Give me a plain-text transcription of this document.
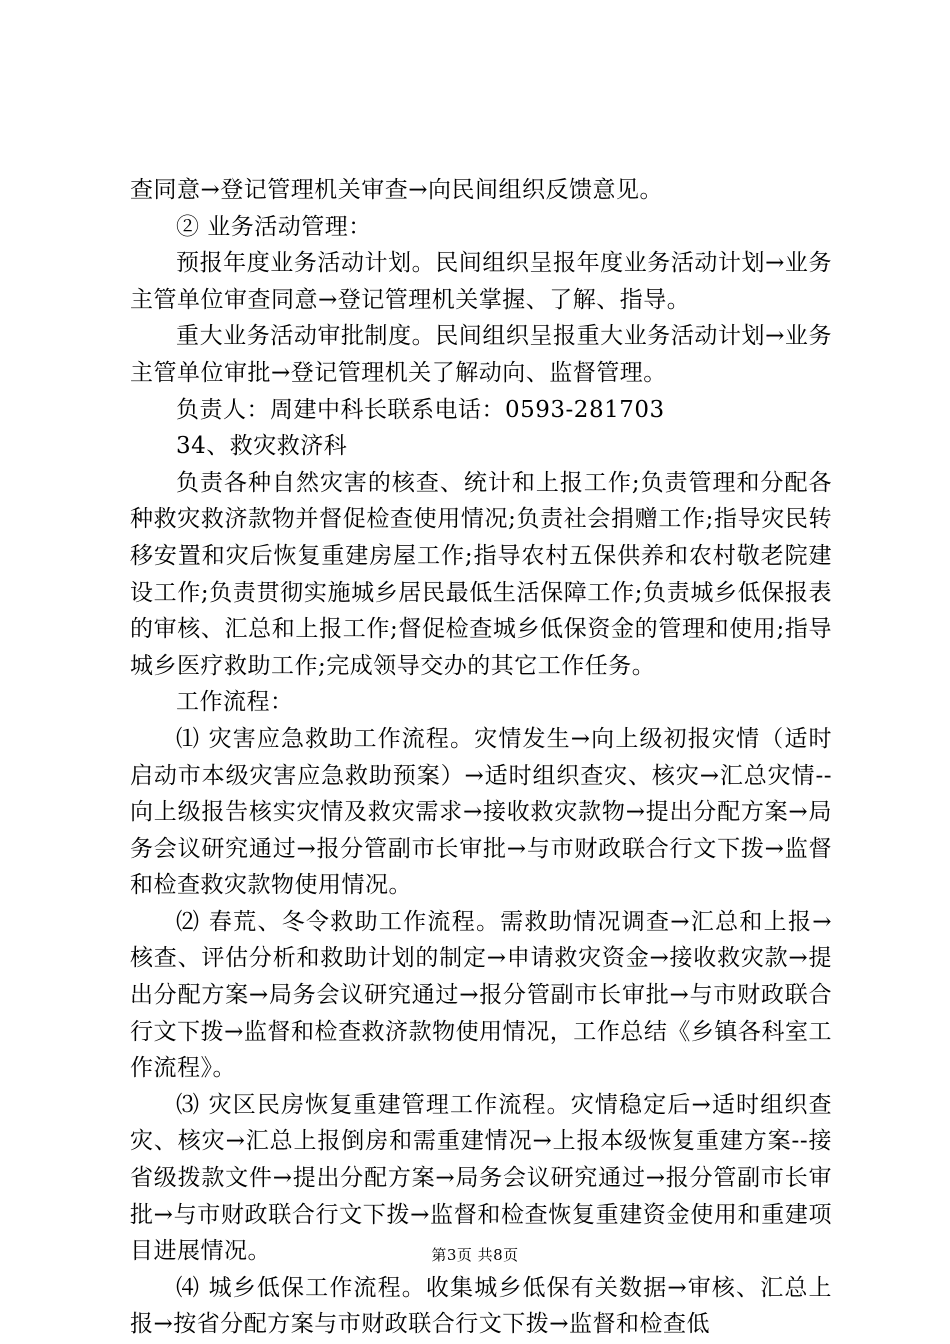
查同意→登记管理机关审查→向民间组织反馈意见。

② 业务活动管理：

预报年度业务活动计划。民间组织呈报年度业务活动计划→业务主管单位审查同意→登记管理机关掌握、了解、指导。

重大业务活动审批制度。民间组织呈报重大业务活动计划→业务主管单位审批→登记管理机关了解动向、监督管理。

负责人：周建中科长联系电话：0593-281703

34、救灾救济科

负责各种自然灾害的核查、统计和上报工作;负责管理和分配各种救灾救济款物并督促检查使用情况;负责社会捐赠工作;指导灾民转移安置和灾后恢复重建房屋工作;指导农村五保供养和农村敬老院建设工作;负责贯彻实施城乡居民最低生活保障工作;负责城乡低保报表的审核、汇总和上报工作;督促检查城乡低保资金的管理和使用;指导城乡医疗救助工作;完成领导交办的其它工作任务。

工作流程：

⑴ 灾害应急救助工作流程。灾情发生→向上级初报灾情（适时启动市本级灾害应急救助预案）→适时组织查灾、核灾→汇总灾情--向上级报告核实灾情及救灾需求→接收救灾款物→提出分配方案→局务会议研究通过→报分管副市长审批→与市财政联合行文下拨→监督和检查救灾款物使用情况。

⑵ 春荒、冬令救助工作流程。需救助情况调查→汇总和上报→核查、评估分析和救助计划的制定→申请救灾资金→接收救灾款→提出分配方案→局务会议研究通过→报分管副市长审批→与市财政联合行文下拨→监督和检查救济款物使用情况，工作总结《乡镇各科室工作流程》。

⑶ 灾区民房恢复重建管理工作流程。灾情稳定后→适时组织查灾、核灾→汇总上报倒房和需重建情况→上报本级恢复重建方案--接省级拨款文件→提出分配方案→局务会议研究通过→报分管副市长审批→与市财政联合行文下拨→监督和检查恢复重建资金使用和重建项目进展情况。

⑷ 城乡低保工作流程。收集城乡低保有关数据→审核、汇总上报→按省分配方案与市财政联合行文下拨→监督和检查低

第3页 共8页
